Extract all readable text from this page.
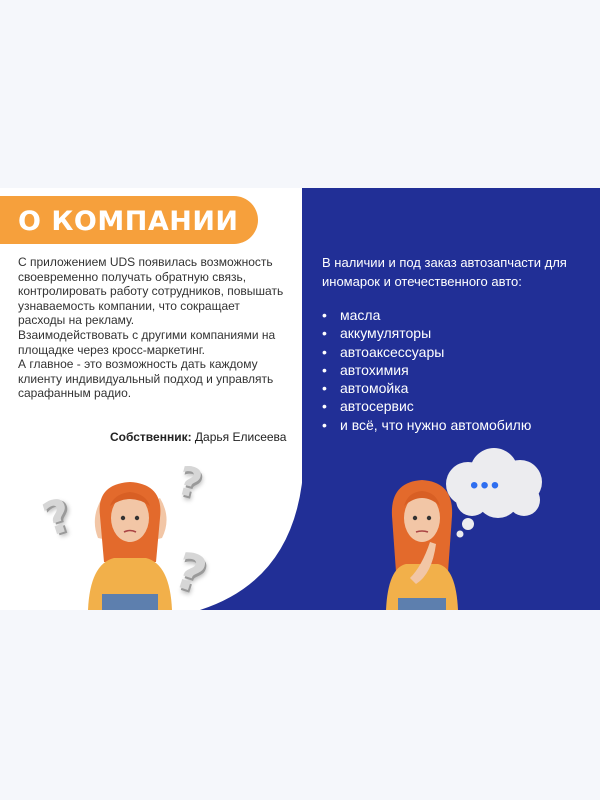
О КОМПАНИИ

С приложением UDS появилась возможность своевременно получать обратную связь, контролировать работу сотрудников, повышать узнаваемость компании, что сокращает расходы на рекламу.

Взаимодействовать с другими компаниями на площадке через кросс-маркетинг.

А главное - это возможность дать каждому клиенту индивидуальный подход и управлять сарафанным радио.

Собственник: Дарья Елисеева
В наличии и под заказ автозапчасти для иномарок и отечественного авто:
• масла
• аккумуляторы
• автоаксессуары
• автохимия
• автомойка
• автосервис
• и всё, что нужно автомобилю
?
?
?
•••
